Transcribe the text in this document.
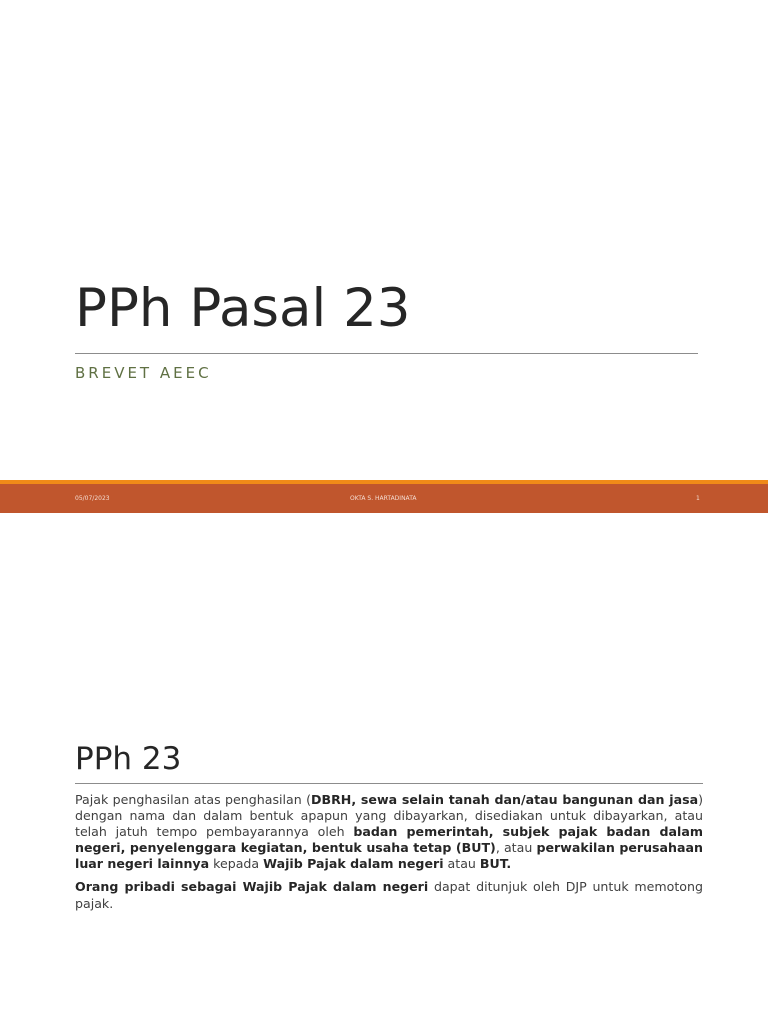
PPh Pasal 23
BREVET AEEC
05/07/2023	OKTA S. HARTADINATA	1
PPh 23

Pajak penghasilan atas penghasilan (DBRH, sewa selain tanah dan/atau bangunan dan jasa) dengan nama dan dalam bentuk apapun yang dibayarkan, disediakan untuk dibayarkan, atau telah jatuh tempo pembayarannya oleh badan pemerintah, subjek pajak badan dalam negeri, penyelenggara kegiatan, bentuk usaha tetap (BUT), atau perwakilan perusahaan luar negeri lainnya kepada Wajib Pajak dalam negeri atau BUT.

Orang pribadi sebagai Wajib Pajak dalam negeri dapat ditunjuk oleh DJP untuk memotong pajak.
